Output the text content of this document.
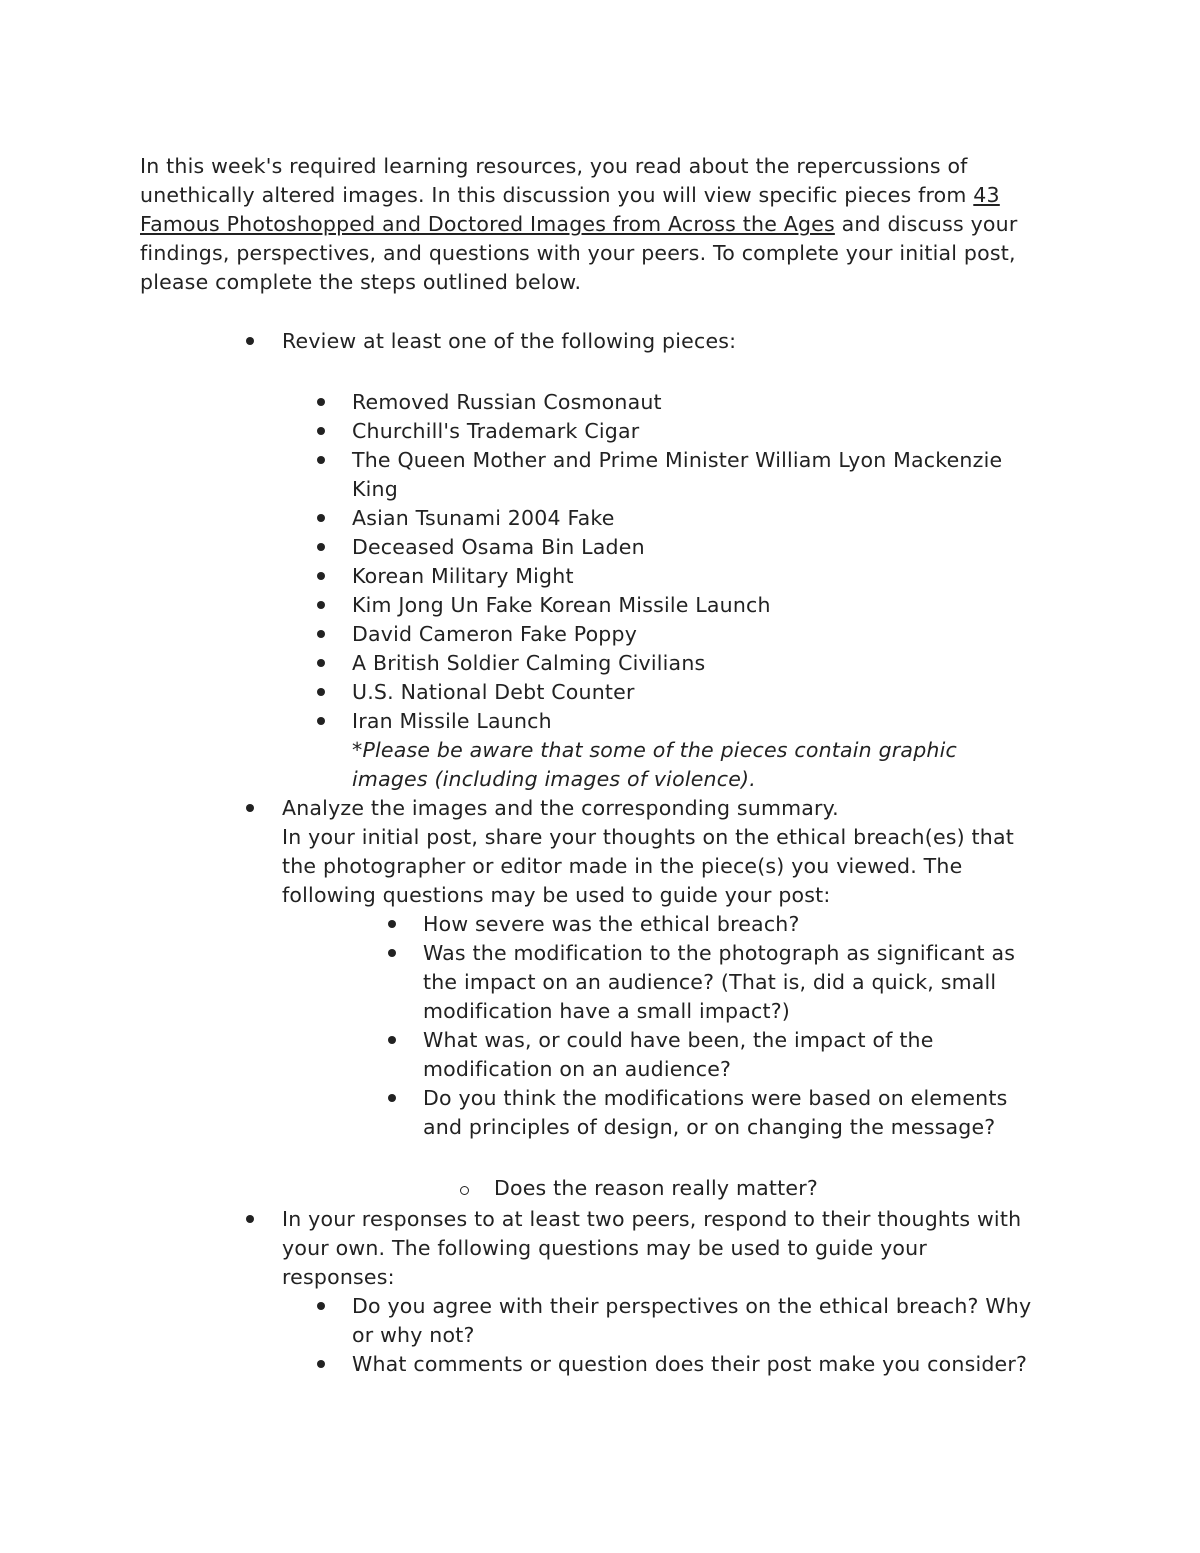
In this week's required learning resources, you read about the repercussions of unethically altered images. In this discussion you will view specific pieces from 43 Famous Photoshopped and Doctored Images from Across the Ages and discuss your findings, perspectives, and questions with your peers. To complete your initial post, please complete the steps outlined below.

Review at least one of the following pieces:

Removed Russian Cosmonaut

Churchill's Trademark Cigar

The Queen Mother and Prime Minister William Lyon Mackenzie

King

Asian Tsunami 2004 Fake

Deceased Osama Bin Laden

Korean Military Might

Kim Jong Un Fake Korean Missile Launch

David Cameron Fake Poppy

A British Soldier Calming Civilians

U.S. National Debt Counter

Iran Missile Launch

*Please be aware that some of the pieces contain graphic

images (including images of violence).

Analyze the images and the corresponding summary.

In your initial post, share your thoughts on the ethical breach(es) that

the photographer or editor made in the piece(s) you viewed. The

following questions may be used to guide your post:

How severe was the ethical breach?

Was the modification to the photograph as significant as

the impact on an audience? (That is, did a quick, small

modification have a small impact?)

What was, or could have been, the impact of the

modification on an audience?

Do you think the modifications were based on elements

and principles of design, or on changing the message?

Does the reason really matter?

In your responses to at least two peers, respond to their thoughts with

your own. The following questions may be used to guide your

responses:

Do you agree with their perspectives on the ethical breach? Why

or why not?

What comments or question does their post make you consider?
